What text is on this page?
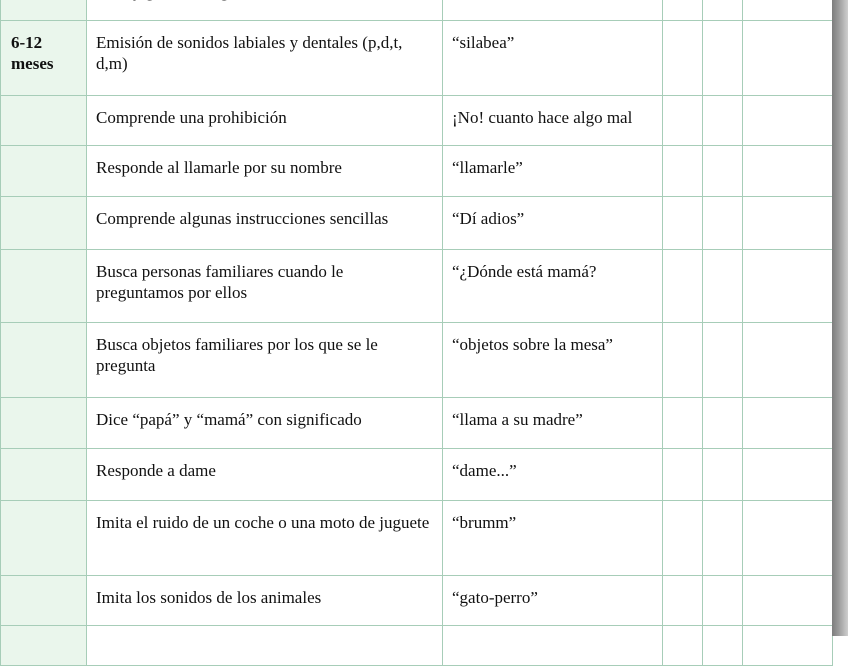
6-12
meses	Emisión de sonidos labiales y dentales (p,d,t, d,m)	“silabea”			
	Comprende una prohibición	¡No! cuanto hace algo mal			
	Responde al llamarle por su nombre	“llamarle”			
	Comprende algunas instrucciones sencillas	“Dí adios”			
	Busca personas familiares cuando le preguntamos por ellos	“¿Dónde está mamá?			
	Busca objetos familiares por los que se le pregunta	“objetos sobre la mesa”			
	Dice “papá” y “mamá” con significado	“llama a su madre”			
	Responde a dame	“dame...”			
	Imita el ruido de un coche o una moto de juguete	“brumm”			
	Imita los sonidos de los animales	“gato-perro”			
